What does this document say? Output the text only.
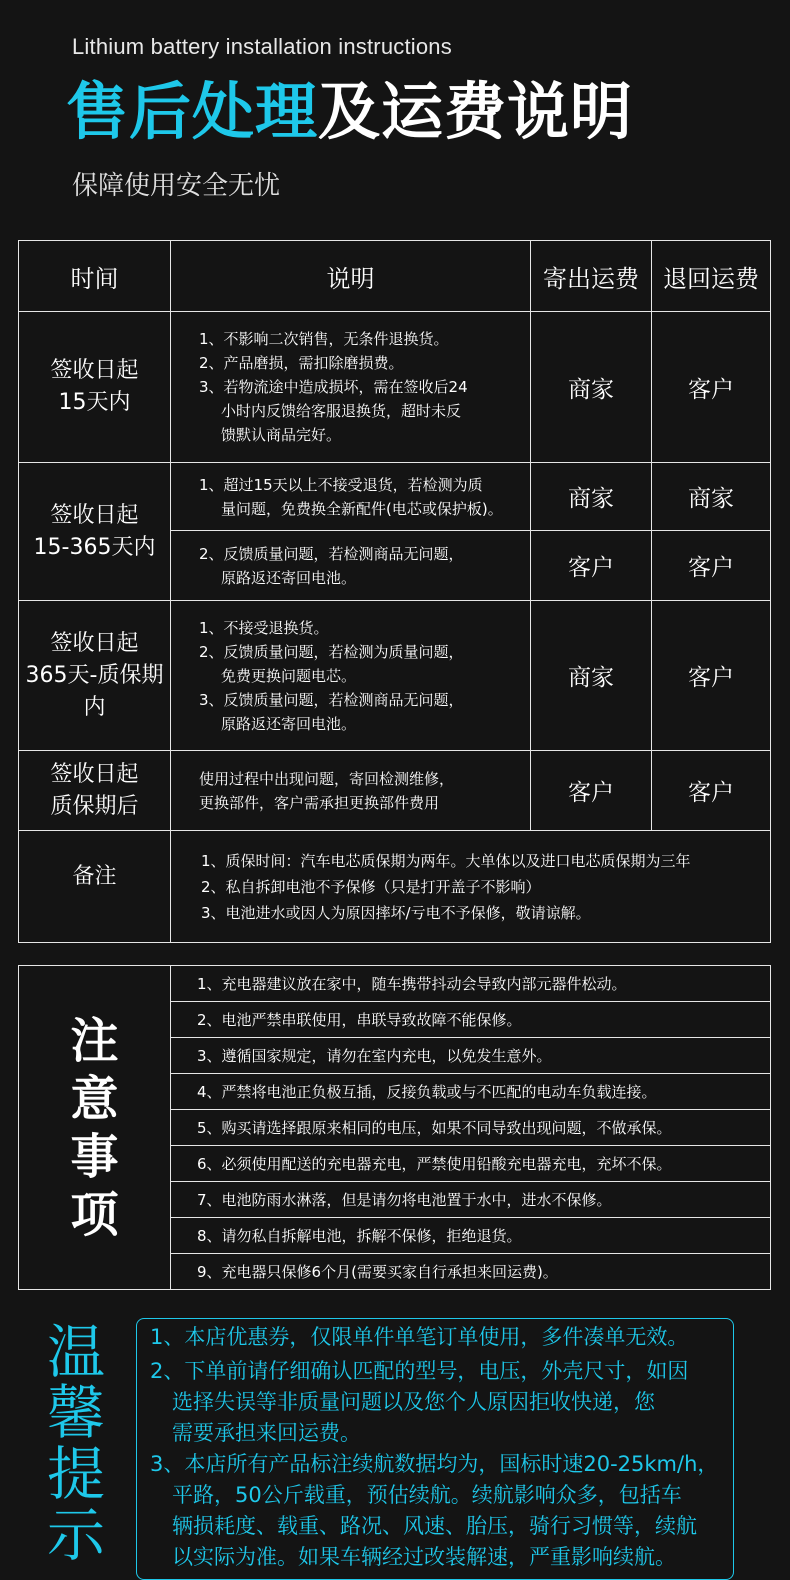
Lithium battery installation instructions
售后处理及运费说明
保障使用安全无忧
时间	说明	寄出运费	退回运费

签收日起
15天内	1、不影响二次销售，无条件退换货。
2、产品磨损，需扣除磨损费。
3、若物流途中造成损坏，需在签收后24
小时内反馈给客服退换货，超时未反
馈默认商品完好。	商家	客户

签收日起
15-365天内	1、超过15天以上不接受退货，若检测为质
量问题，免费换全新配件(电芯或保护板)。	商家	商家

	2、反馈质量问题，若检测商品无问题，
原路返还寄回电池。	客户	客户

签收日起
365天-质保期内	1、不接受退换货。
2、反馈质量问题，若检测为质量问题，
免费更换问题电芯。
3、反馈质量问题，若检测商品无问题，
原路返还寄回电池。	商家	客户

签收日起
质保期后	使用过程中出现问题，寄回检测维修，
更换部件，客户需承担更换部件费用	客户	客户
备注	1、质保时间：汽车电芯质保期为两年。大单体以及进口电芯质保期为三年
2、私自拆卸电池不予保修（只是打开盖子不影响）
3、电池进水或因人为原因摔坏/亏电不予保修，敬请谅解。		
注
意
事
项
	1、充电器建议放在家中，随车携带抖动会导致内部元器件松动。
2、电池严禁串联使用，串联导致故障不能保修。
3、遵循国家规定，请勿在室内充电，以免发生意外。
4、严禁将电池正负极互插，反接负载或与不匹配的电动车负载连接。
5、购买请选择跟原来相同的电压，如果不同导致出现问题，不做承保。
6、必须使用配送的充电器充电，严禁使用铅酸充电器充电，充坏不保。
7、电池防雨水淋落，但是请勿将电池置于水中，进水不保修。
8、请勿私自拆解电池，拆解不保修，拒绝退货。
9、充电器只保修6个月(需要买家自行承担来回运费)。
温
馨
提
示
1、本店优惠券，仅限单件单笔订单使用，多件凑单无效。
2、下单前请仔细确认匹配的型号，电压，外壳尺寸，如因
选择失误等非质量问题以及您个人原因拒收快递，您
需要承担来回运费。
3、本店所有产品标注续航数据均为，国标时速20-25km/h，
平路，50公斤载重，预估续航。续航影响众多，包括车
辆损耗度、载重、路况、风速、胎压，骑行习惯等，续航
以实际为准。如果车辆经过改装解速，严重影响续航。
